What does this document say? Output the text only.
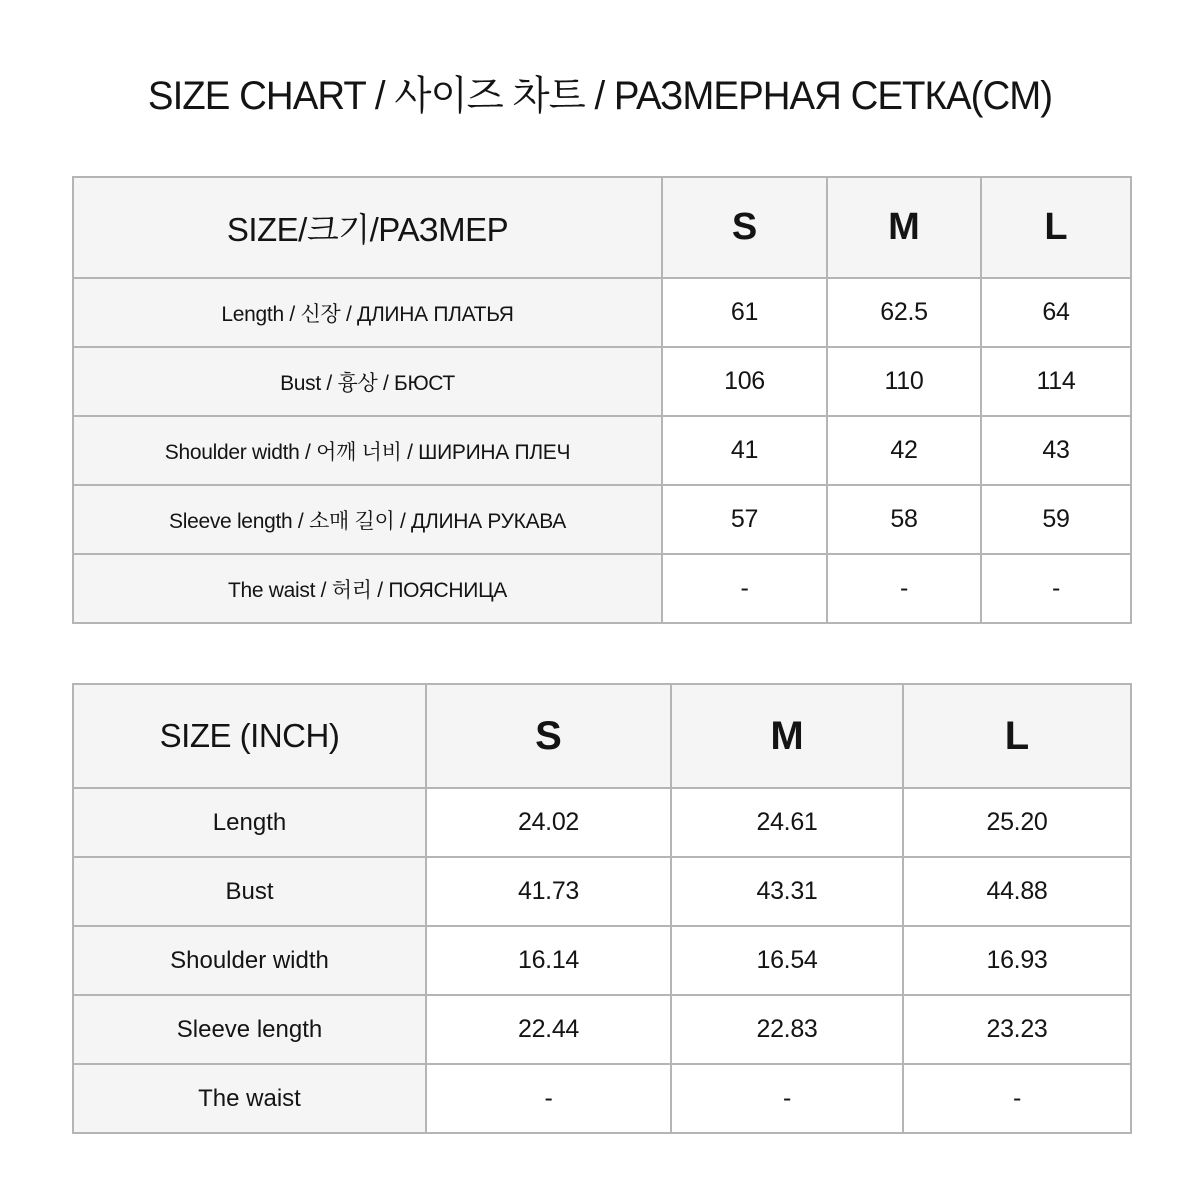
SIZE CHART / 사이즈 차트 / РАЗМЕРНАЯ СЕТКА(CM)
SIZE/크기/РАЗМЕР	S	M	L
Length / 신장 / ДЛИНА ПЛАТЬЯ	61	62.5	64
Bust / 흉상 / БЮСТ	106	110	114
Shoulder width / 어깨 너비 / ШИРИНА ПЛЕЧ	41	42	43
Sleeve length / 소매 길이 / ДЛИНА РУКАВА	57	58	59
The waist / 허리 / ПОЯСНИЦА	-	-	-
SIZE (INCH)	S	M	L
Length	24.02	24.61	25.20
Bust	41.73	43.31	44.88
Shoulder width	16.14	16.54	16.93
Sleeve length	22.44	22.83	23.23
The waist	-	-	-
